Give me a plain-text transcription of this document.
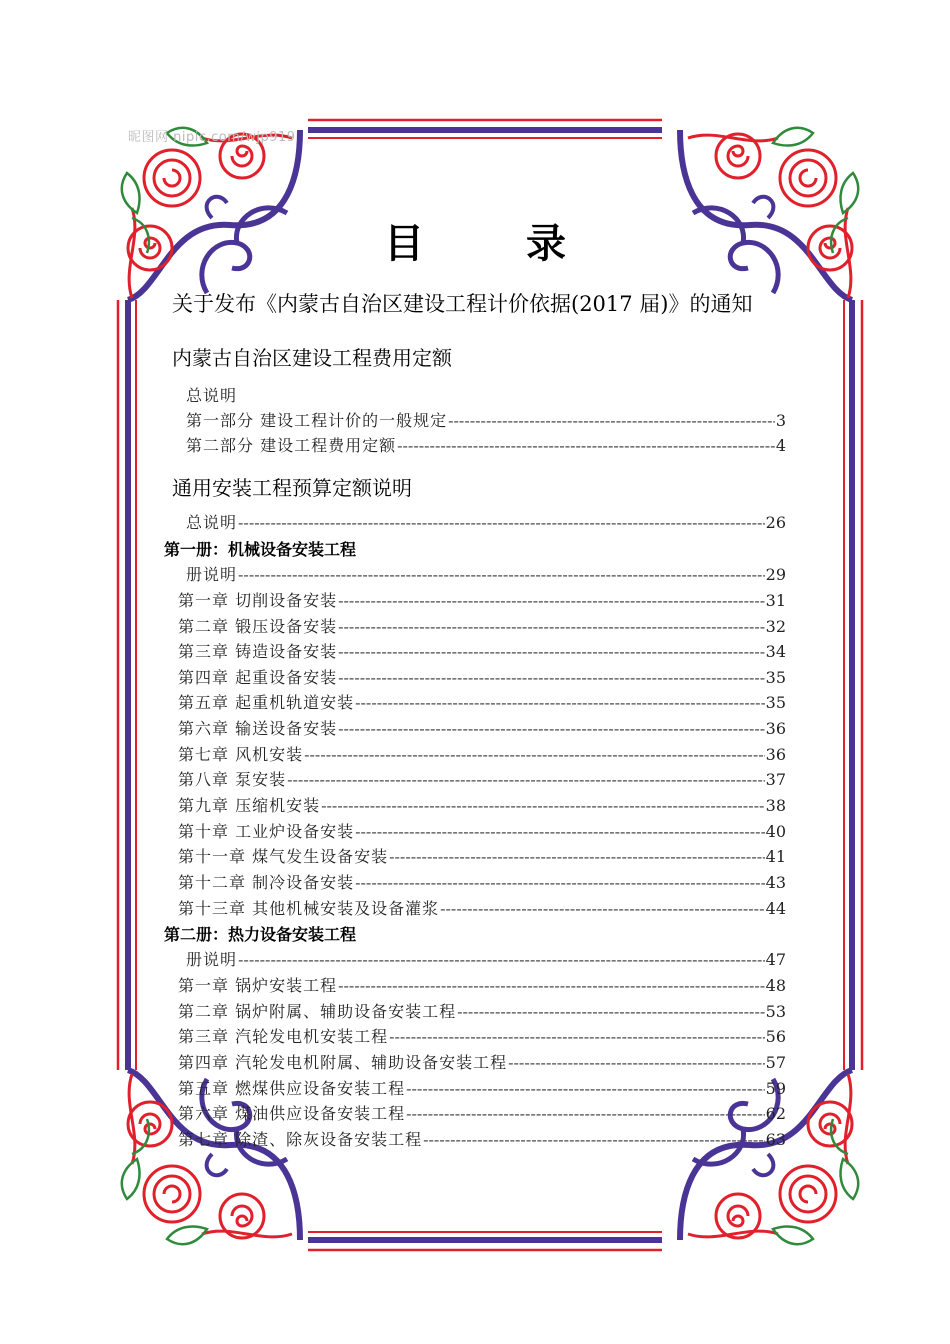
昵图网 nipic.com/wjp919
目 录
关于发布《内蒙古自治区建设工程计价依据(2017 届)》的通知
内蒙古自治区建设工程费用定额
总说明
第一部分 建设工程计价的一般规定 -----	3
第二部分 建设工程费用定额 -----	4
通用安装工程预算定额说明
总说明 -----	26
第一册：机械设备安装工程
册说明 -----	29
第一章 切削设备安装 -----	31
第二章 锻压设备安装 -----	32
第三章 铸造设备安装 -----	34
第四章 起重设备安装 -----	35
第五章 起重机轨道安装 -----	35
第六章 输送设备安装 -----	36
第七章 风机安装 -----	36
第八章 泵安装 -----	37
第九章 压缩机安装 -----	38
第十章 工业炉设备安装 -----	40
第十一章 煤气发生设备安装 -----	41
第十二章 制冷设备安装 -----	43
第十三章 其他机械安装及设备灌浆 -----	44
第二册：热力设备安装工程
册说明 -----	47
第一章 锅炉安装工程 -----	48
第二章 锅炉附属、辅助设备安装工程 -----	53
第三章 汽轮发电机安装工程 -----	56
第四章 汽轮发电机附属、辅助设备安装工程 -----	57
第五章 燃煤供应设备安装工程 -----	59
第六章 煤油供应设备安装工程 -----	62
第七章 除渣、除灰设备安装工程 -----	63
